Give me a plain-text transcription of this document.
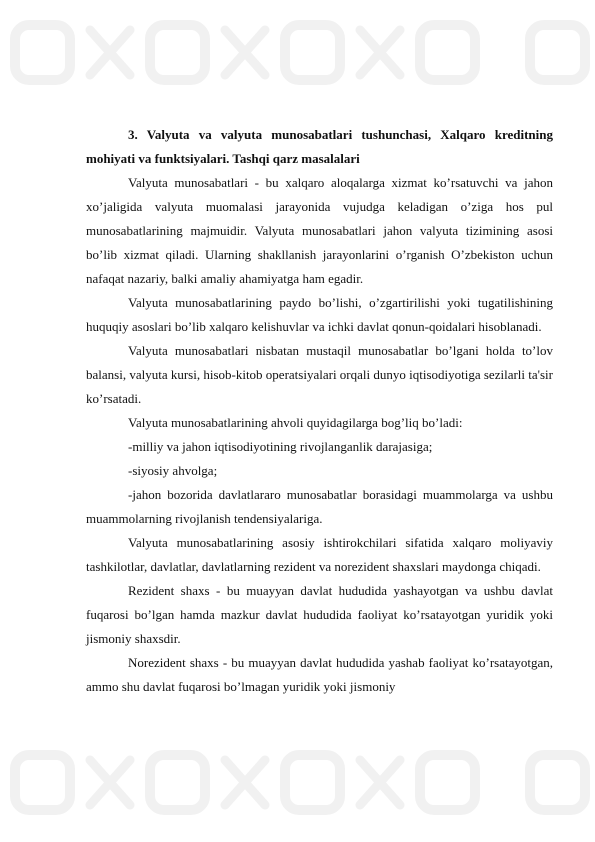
3. Valyuta va valyuta munosabatlari tushunchasi, Xalqaro kreditning mohiyati va funktsiyalari. Tashqi qarz masalalari

Valyuta munosabatlari - bu xalqaro aloqalarga xizmat ko’rsatuvchi va jahon xo’jaligida valyuta muomalasi jarayonida vujudga keladigan o’ziga hos pul munosabatlarining majmuidir. Valyuta munosabatlari jahon valyuta tizimining asosi bo’lib xizmat qiladi. Ularning shakllanish jarayonlarini o’rganish O’zbekiston uchun nafaqat nazariy, balki amaliy ahamiyatga ham egadir.

Valyuta munosabatlarining paydo bo’lishi, o’zgartirilishi yoki tugatilishining huquqiy asoslari bo’lib xalqaro kelishuvlar va ichki davlat qonun-qoidalari hisoblanadi.

Valyuta munosabatlari nisbatan mustaqil munosabatlar bo’lgani holda to’lov balansi, valyuta kursi, hisob-kitob operatsiyalari orqali dunyo iqtisodiyotiga sezilarli ta'sir ko’rsatadi.

Valyuta munosabatlarining ahvoli quyidagilarga bog’liq bo’ladi:

-milliy va jahon iqtisodiyotining rivojlanganlik darajasiga;

-siyosiy ahvolga;

-jahon bozorida davlatlararo munosabatlar borasidagi muammolarga va ushbu muammolarning rivojlanish tendensiyalariga.

Valyuta munosabatlarining asosiy ishtirokchilari sifatida xalqaro moliyaviy tashkilotlar, davlatlar, davlatlarning rezident va norezident shaxslari maydonga chiqadi.

Rezident shaxs - bu muayyan davlat hududida yashayotgan va ushbu davlat fuqarosi bo’lgan hamda mazkur davlat hududida faoliyat ko’rsatayotgan yuridik yoki jismoniy shaxsdir.

Norezident shaxs - bu muayyan davlat hududida yashab faoliyat ko’rsatayotgan, ammo shu davlat fuqarosi bo’lmagan yuridik yoki jismoniy
